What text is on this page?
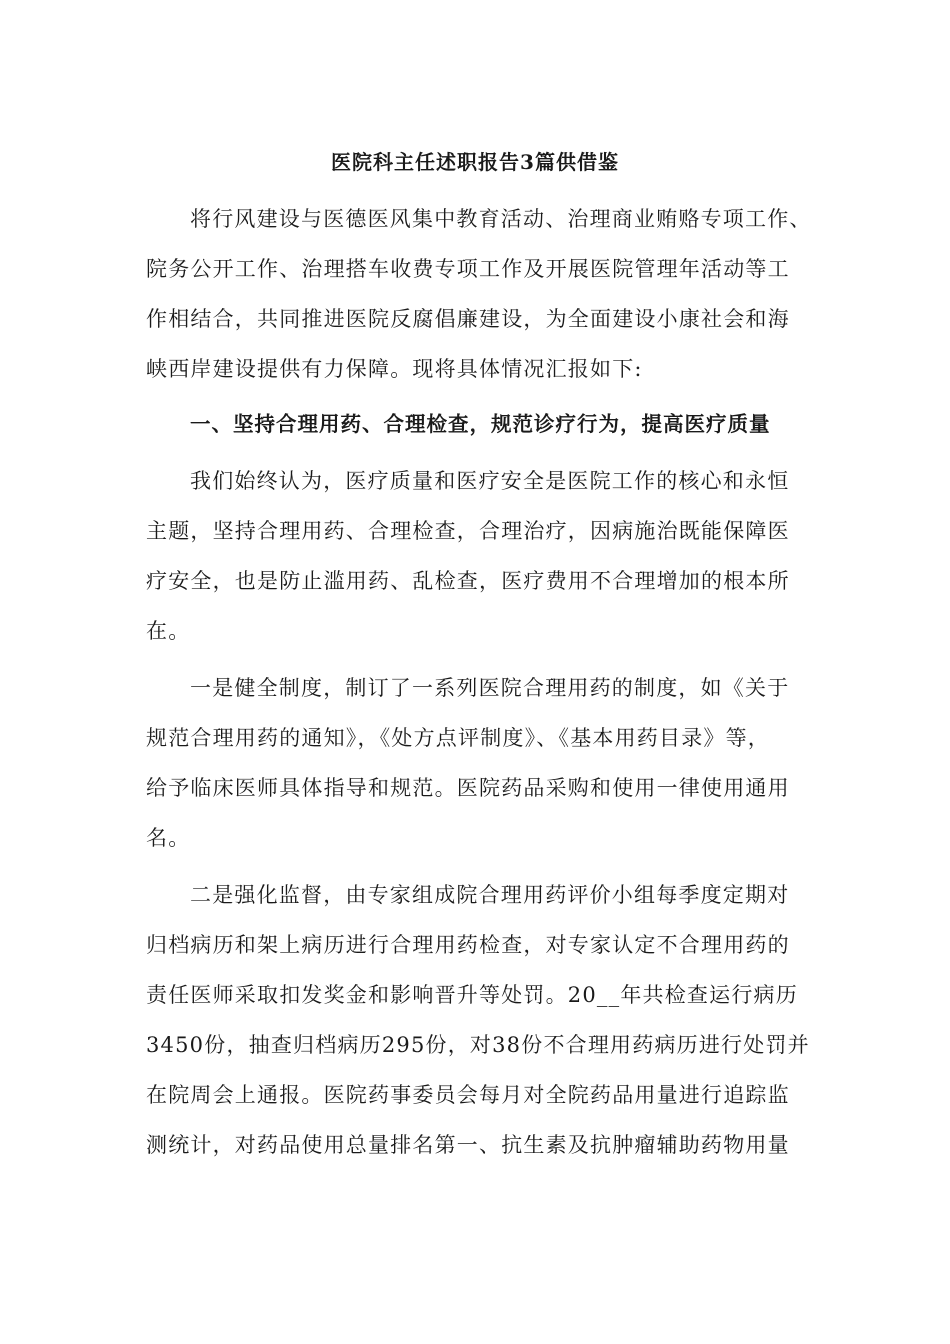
医院科主任述职报告3篇供借鉴

将行风建设与医德医风集中教育活动、治理商业贿赂专项工作、

院务公开工作、治理搭车收费专项工作及开展医院管理年活动等工

作相结合，共同推进医院反腐倡廉建设，为全面建设小康社会和海

峡西岸建设提供有力保障。现将具体情况汇报如下:

一、坚持合理用药、合理检查，规范诊疗行为，提高医疗质量

我们始终认为，医疗质量和医疗安全是医院工作的核心和永恒

主题，坚持合理用药、合理检查，合理治疗，因病施治既能保障医

疗安全，也是防止滥用药、乱检查，医疗费用不合理增加的根本所

在。

一是健全制度，制订了一系列医院合理用药的制度，如《关于

规范合理用药的通知》，《处方点评制度》、《基本用药目录》等，

给予临床医师具体指导和规范。医院药品采购和使用一律使用通用

名。

二是强化监督，由专家组成院合理用药评价小组每季度定期对

归档病历和架上病历进行合理用药检查，对专家认定不合理用药的

责任医师采取扣发奖金和影响晋升等处罚。20__年共检查运行病历

3450份，抽查归档病历295份，对38份不合理用药病历进行处罚并

在院周会上通报。医院药事委员会每月对全院药品用量进行追踪监

测统计，对药品使用总量排名第一、抗生素及抗肿瘤辅助药物用量
